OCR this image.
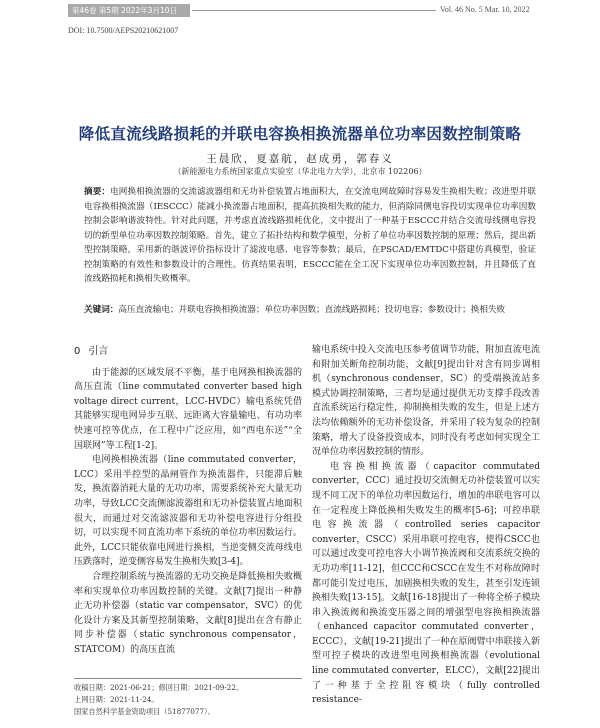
第46卷 第5期 2022年3月10日	Vol. 46 No. 5 Mar. 10, 2022
DOI: 10.7500/AEPS20210621007
降低直流线路损耗的并联电容换相换流器单位功率因数控制策略
王晨欣，夏嘉航，赵成勇，郭春义
（新能源电力系统国家重点实验室（华北电力大学），北京市 102206）
摘要：电网换相换流器的交流滤波器组和无功补偿装置占地面积大，在交流电网故障时容易发生换相失败；改进型并联电容换相换流器（IESCCC）能减小换流器占地面积，提高抗换相失败的能力，但消除同侧电容投切实现单位功率因数控制会影响谐波特性。针对此问题，并考虑直流线路损耗优化，文中提出了一种基于ESCCC并结合交流母线侧电容投切的新型单位功率因数控制策略。首先，建立了拓扑结构和数学模型，分析了单位功率因数控制的原理；然后，提出新型控制策略，采用新的谐波评价指标设计了滤波电感、电容等参数；最后，在PSCAD/EMTDC中搭建仿真模型，验证控制策略的有效性和参数设计的合理性。仿真结果表明，ESCCC能在全工况下实现单位功率因数控制，并且降低了直流线路损耗和换相失败概率。
关键词：高压直流输电；并联电容换相换流器；单位功率因数；直流线路损耗；投切电容；参数设计；换相失败
0 引言

由于能源的区域发展不平衡，基于电网换相换流器的高压直流（line commutated converter based high voltage direct current，LCC-HVDC）输电系统凭借其能够实现电网异步互联、远距离大容量输电、有功功率快速可控等优点，在工程中广泛应用，如“西电东送”“全国联网”等工程[1-2]。

电网换相换流器（line commutated converter，LCC）采用半控型的晶闸管作为换流器件，只能滞后触发，换流器消耗大量的无功功率，需要系统补充大量无功功率，导致LCC交流侧滤波器组和无功补偿装置占地面积很大，而通过对交流滤波器和无功补偿电容进行分组投切，可以实现不同直流功率下系统的单位功率因数运行。此外，LCC只能依靠电网进行换相，当逆变侧交流母线电压跌落时，逆变侧容易发生换相失败[3-4]。

合理控制系统与换流器的无功交换是降低换相失败概率和实现单位功率因数控制的关键。文献[7]提出一种静止无功补偿器（static var compensator，SVC）的优化设计方案及其新型控制策略，文献[8]提出在含有静止同步补偿器（static synchronous compensator，STATCOM）的高压直流

输电系统中投入交流电压参考值调节功能，附加直流电流和附加关断角控制功能，文献[9]提出针对含有同步调相机（synchronous condenser，SC）的受端换流站多模式协调控制策略，三者均是通过提供无功支撑手段改善直流系统运行稳定性，抑制换相失败的发生，但是上述方法均依赖额外的无功补偿设备，并采用了较为复杂的控制策略，增大了设备投资成本，同时没有考虑如何实现全工况单位功率因数控制的情形。

电容换相换流器（capacitor commutated converter，CCC）通过投切交流侧无功补偿装置可以实现不同工况下的单位功率因数运行，增加的串联电容可以在一定程度上降低换相失败发生的概率[5-6]；可控串联电容换流器（controlled series capacitor converter，CSCC）采用串联可控电容，使得CSCC也可以通过改变可控电容大小调节换流阀和交流系统交换的无功功率[11-12]，但CCC和CSCC在发生不对称故障时都可能引发过电压，加剧换相失败的发生，甚至引发连锁换相失败[13-15]。文献[16-18]提出了一种将全桥子模块串入换流阀和换流变压器之间的增强型电容换相换流器（enhanced capacitor commutated converter，ECCC），文献[19-21]提出了一种在原阀臂中串联接入新型可控子模块的改进型电网换相换流器（evolutional line commutated converter，ELCC），文献[22]提出了一种基于全控阻容模块（fully controlled resistance-

收稿日期：2021-06-21；修回日期：2021-09-22。
上网日期：2021-11-24。
国家自然科学基金资助项目（51877077）。
